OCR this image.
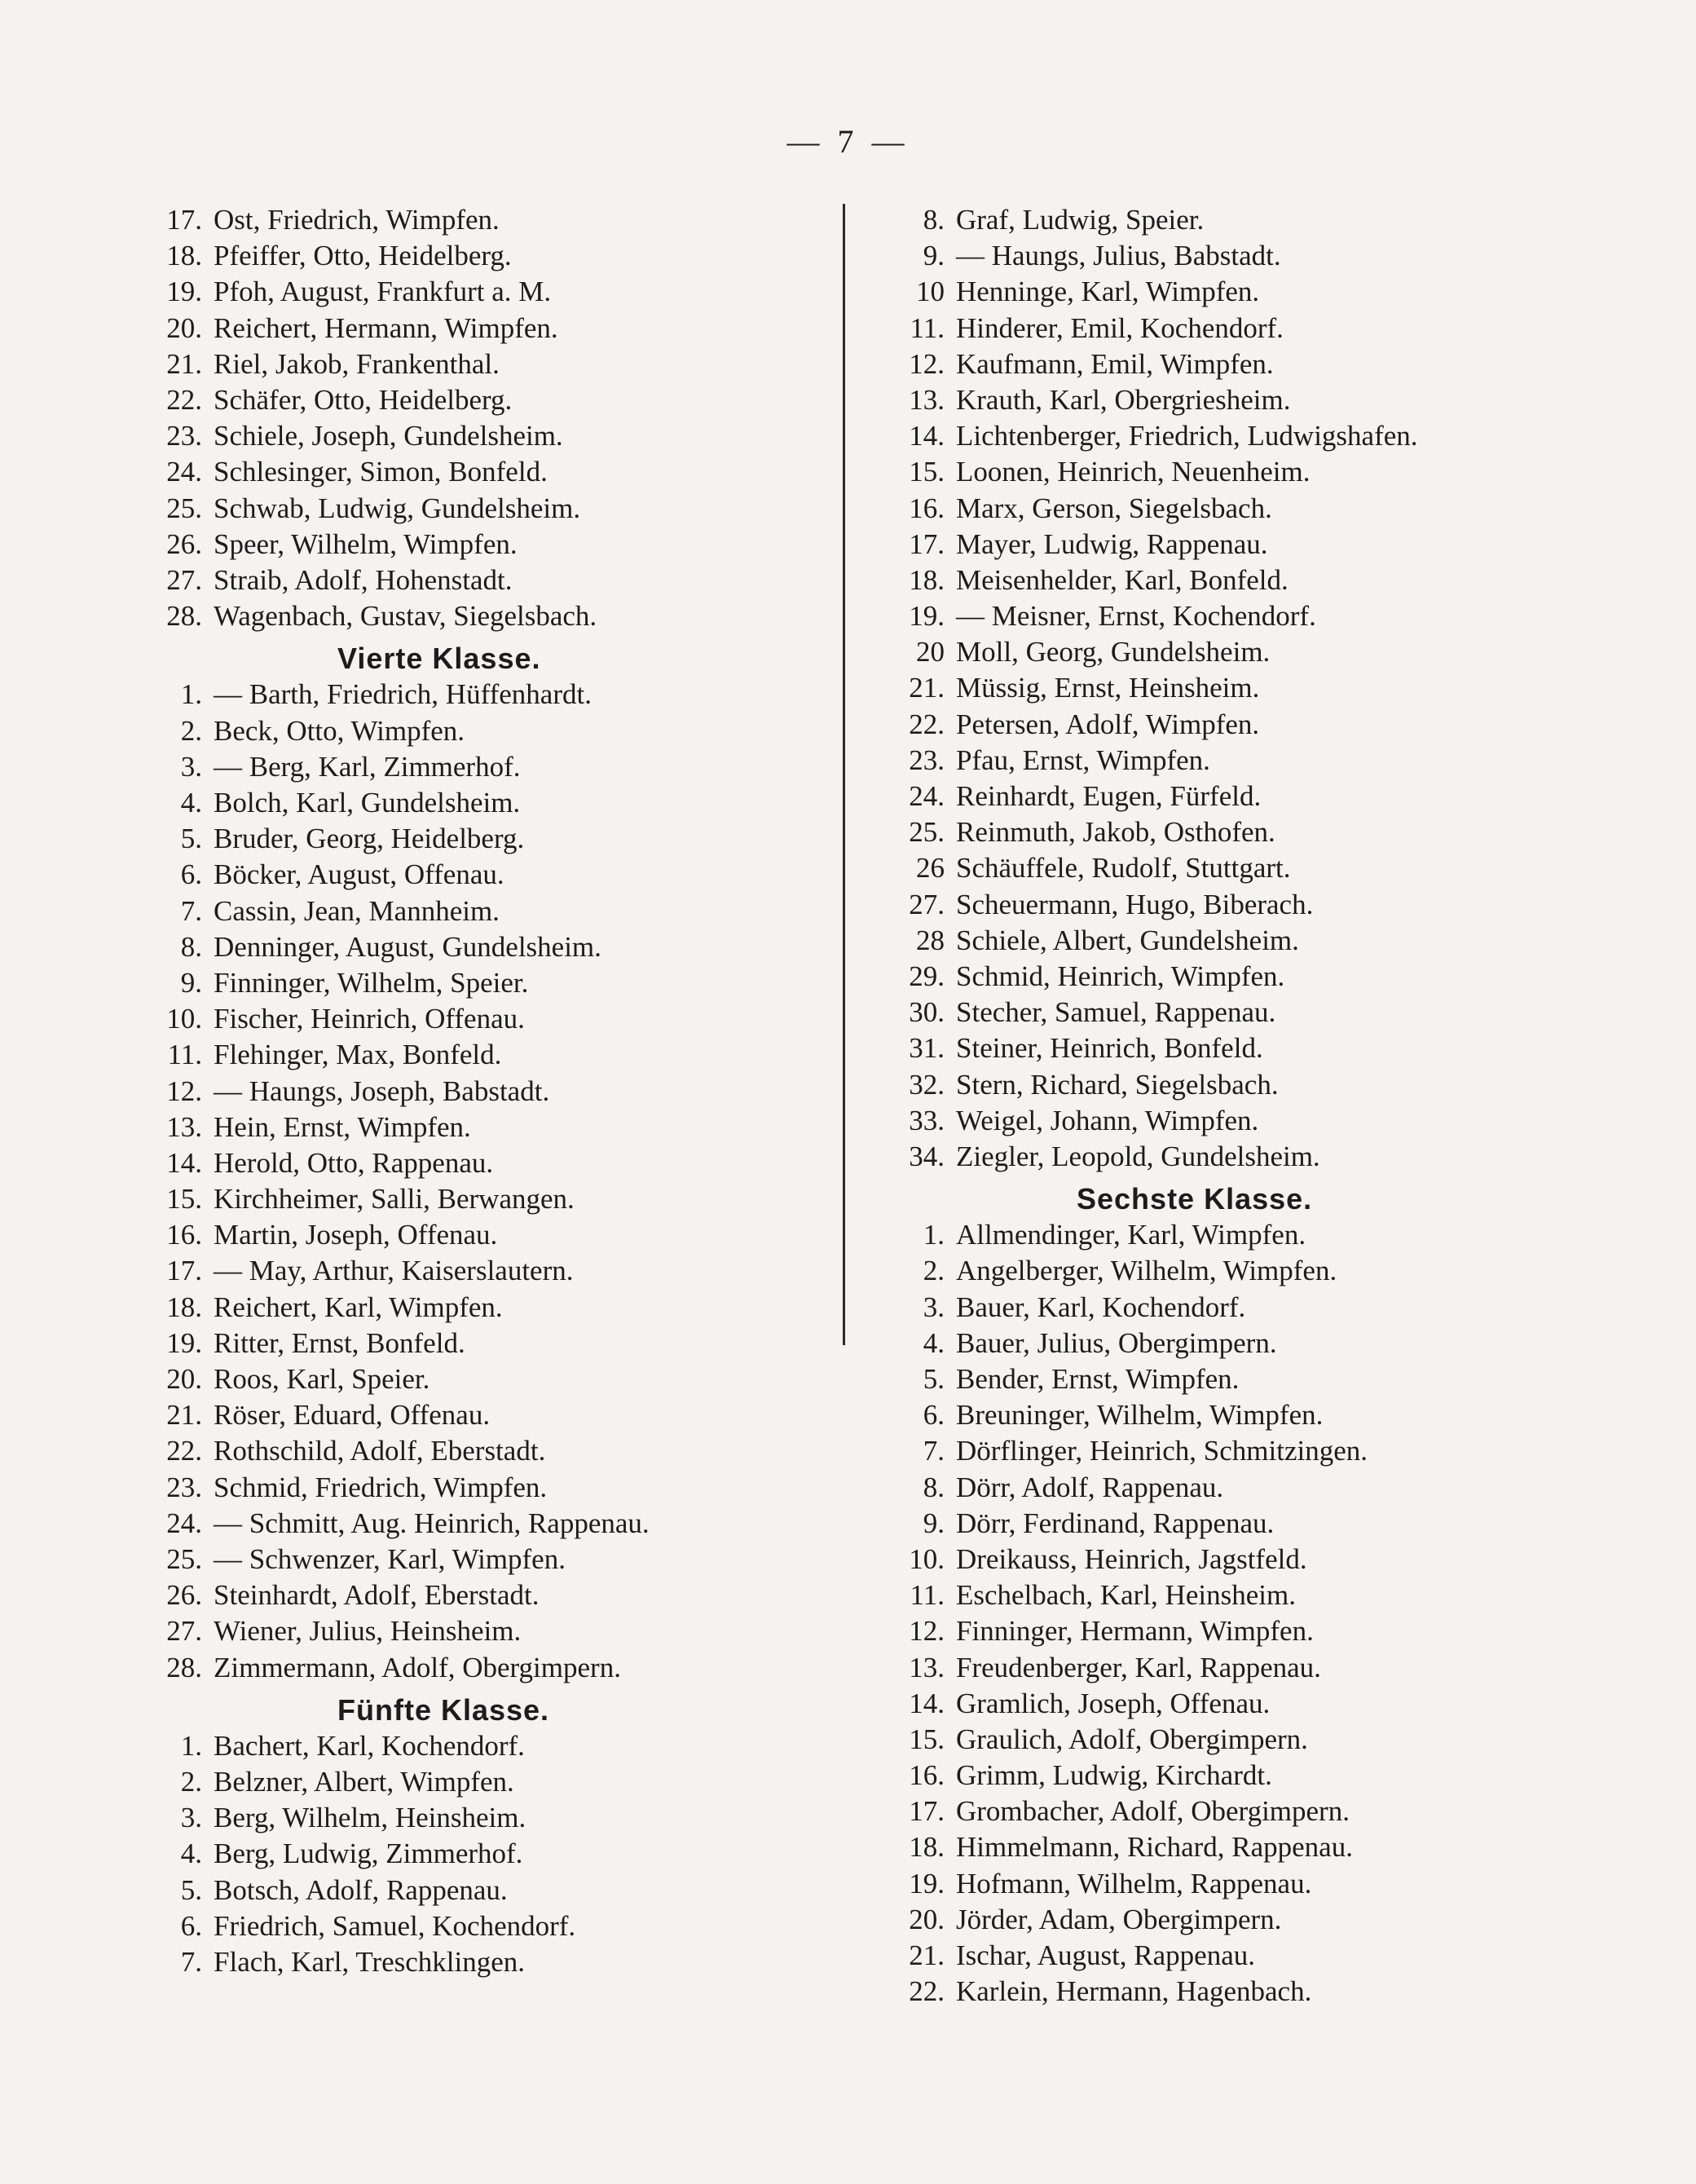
— 7 —
17. Ost, Friedrich, Wimpfen.
18. Pfeiffer, Otto, Heidelberg.
19. Pfoh, August, Frankfurt a. M.
20. Reichert, Hermann, Wimpfen.
21. Riel, Jakob, Frankenthal.
22. Schäfer, Otto, Heidelberg.
23. Schiele, Joseph, Gundelsheim.
24. Schlesinger, Simon, Bonfeld.
25. Schwab, Ludwig, Gundelsheim.
26. Speer, Wilhelm, Wimpfen.
27. Straib, Adolf, Hohenstadt.
28. Wagenbach, Gustav, Siegelsbach.
Vierte Klasse.
1. — Barth, Friedrich, Hüffenhardt.
2. Beck, Otto, Wimpfen.
3. — Berg, Karl, Zimmerhof.
4. Bolch, Karl, Gundelsheim.
5. Bruder, Georg, Heidelberg.
6. Böcker, August, Offenau.
7. Cassin, Jean, Mannheim.
8. Denninger, August, Gundelsheim.
9. Finninger, Wilhelm, Speier.
10. Fischer, Heinrich, Offenau.
11. Flehinger, Max, Bonfeld.
12. — Haungs, Joseph, Babstadt.
13. Hein, Ernst, Wimpfen.
14. Herold, Otto, Rappenau.
15. Kirchheimer, Salli, Berwangen.
16. Martin, Joseph, Offenau.
17. — May, Arthur, Kaiserslautern.
18. Reichert, Karl, Wimpfen.
19. Ritter, Ernst, Bonfeld.
20. Roos, Karl, Speier.
21. Röser, Eduard, Offenau.
22. Rothschild, Adolf, Eberstadt.
23. Schmid, Friedrich, Wimpfen.
24. — Schmitt, Aug. Heinrich, Rappenau.
25. — Schwenzer, Karl, Wimpfen.
26. Steinhardt, Adolf, Eberstadt.
27. Wiener, Julius, Heinsheim.
28. Zimmermann, Adolf, Obergimpern.
Fünfte Klasse.
1. Bachert, Karl, Kochendorf.
2. Belzner, Albert, Wimpfen.
3. Berg, Wilhelm, Heinsheim.
4. Berg, Ludwig, Zimmerhof.
5. Botsch, Adolf, Rappenau.
6. Friedrich, Samuel, Kochendorf.
7. Flach, Karl, Treschklingen.
8. Graf, Ludwig, Speier.
9. — Haungs, Julius, Babstadt.
10 Henninge, Karl, Wimpfen.
11. Hinderer, Emil, Kochendorf.
12. Kaufmann, Emil, Wimpfen.
13. Krauth, Karl, Obergriesheim.
14. Lichtenberger, Friedrich, Ludwigshafen.
15. Loonen, Heinrich, Neuenheim.
16. Marx, Gerson, Siegelsbach.
17. Mayer, Ludwig, Rappenau.
18. Meisenhelder, Karl, Bonfeld.
19. — Meisner, Ernst, Kochendorf.
20 Moll, Georg, Gundelsheim.
21. Müssig, Ernst, Heinsheim.
22. Petersen, Adolf, Wimpfen.
23. Pfau, Ernst, Wimpfen.
24. Reinhardt, Eugen, Fürfeld.
25. Reinmuth, Jakob, Osthofen.
26 Schäuffele, Rudolf, Stuttgart.
27. Scheuermann, Hugo, Biberach.
28 Schiele, Albert, Gundelsheim.
29. Schmid, Heinrich, Wimpfen.
30. Stecher, Samuel, Rappenau.
31. Steiner, Heinrich, Bonfeld.
32. Stern, Richard, Siegelsbach.
33. Weigel, Johann, Wimpfen.
34. Ziegler, Leopold, Gundelsheim.
Sechste Klasse.
1. Allmendinger, Karl, Wimpfen.
2. Angelberger, Wilhelm, Wimpfen.
3. Bauer, Karl, Kochendorf.
4. Bauer, Julius, Obergimpern.
5. Bender, Ernst, Wimpfen.
6. Breuninger, Wilhelm, Wimpfen.
7. Dörflinger, Heinrich, Schmitzingen.
8. Dörr, Adolf, Rappenau.
9. Dörr, Ferdinand, Rappenau.
10. Dreikauss, Heinrich, Jagstfeld.
11. Eschelbach, Karl, Heinsheim.
12. Finninger, Hermann, Wimpfen.
13. Freudenberger, Karl, Rappenau.
14. Gramlich, Joseph, Offenau.
15. Graulich, Adolf, Obergimpern.
16. Grimm, Ludwig, Kirchardt.
17. Grombacher, Adolf, Obergimpern.
18. Himmelmann, Richard, Rappenau.
19. Hofmann, Wilhelm, Rappenau.
20. Jörder, Adam, Obergimpern.
21. Ischar, August, Rappenau.
22. Karlein, Hermann, Hagenbach.
